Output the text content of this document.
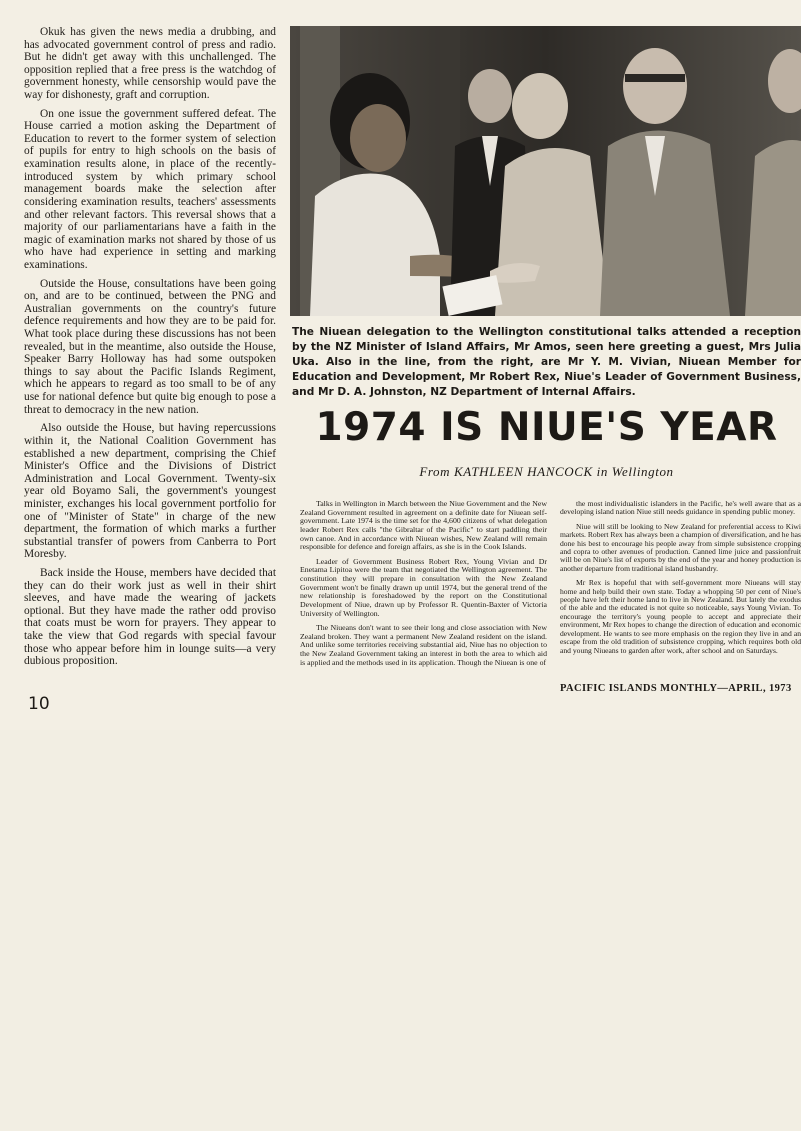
Okuk has given the news media a drubbing, and has advocated government control of press and radio. But he didn't get away with this unchallenged. The opposition replied that a free press is the watchdog of government honesty, while censorship would pave the way for dishonesty, graft and corruption.

On one issue the government suffered defeat. The House carried a motion asking the Department of Education to revert to the former system of selection of pupils for entry to high schools on the basis of examination results alone, in place of the recently-introduced system by which primary school management boards make the selection after considering examination results, teachers' assessments and other relevant factors. This reversal shows that a majority of our parliamentarians have a faith in the magic of examination marks not shared by those of us who have had experience in setting and marking examinations.

Outside the House, consultations have been going on, and are to be continued, between the PNG and Australian governments on the country's future defence requirements and how they are to be paid for. What took place during these discussions has not been revealed, but in the meantime, also outside the House, Speaker Barry Holloway has had some outspoken things to say about the Pacific Islands Regiment, which he appears to regard as too small to be of any use for national defence but quite big enough to pose a threat to democracy in the new nation.

Also outside the House, but having repercussions within it, the National Coalition Government has established a new department, comprising the Chief Minister's Office and the Divisions of District Administration and Local Government. Twenty-six year old Boyamo Sali, the government's youngest minister, exchanges his local government portfolio for one of "Minister of State" in charge of the new department, the formation of which marks a further substantial transfer of powers from Canberra to Port Moresby.

Back inside the House, members have decided that they can do their work just as well in their shirt sleeves, and have made the wearing of jackets optional. But they have made the rather odd proviso that coats must be worn for prayers. They appear to take the view that God regards with special favour those who appear before him in lounge suits—a very dubious proposition.

The Niuean delegation to the Wellington constitutional talks attended a reception by the NZ Minister of Island Affairs, Mr Amos, seen here greeting a guest, Mrs Julia Uka. Also in the line, from the right, are Mr Y. M. Vivian, Niuean Member for Education and Development, Mr Robert Rex, Niue's Leader of Government Business, and Mr D. A. Johnston, NZ Department of Internal Affairs.

1974 IS NIUE'S YEAR
From KATHLEEN HANCOCK in Wellington

Talks in Wellington in March between the Niue Government and the New Zealand Government resulted in agreement on a definite date for Niuean self-government. Late 1974 is the time set for the 4,600 citizens of what delegation leader Robert Rex calls "the Gibraltar of the Pacific" to start paddling their own canoe. And in accordance with Niuean wishes, New Zealand will remain responsible for defence and foreign affairs, as she is in the Cook Islands.

Leader of Government Business Robert Rex, Young Vivian and Dr Enetama Lipitoa were the team that negotiated the Wellington agreement. The constitution they will prepare in consultation with the New Zealand Government won't be finally drawn up until 1974, but the general trend of the new relationship is foreshadowed by the report on the Constitutional Development of Niue, drawn up by Professor R. Quentin-Baxter of Victoria University of Wellington.

The Niueans don't want to see their long and close association with New Zealand broken. They want a permanent New Zealand resident on the island. And unlike some territories receiving substantial aid, Niue has no objection to the New Zealand Government taking an interest in both the area to which aid is applied and the methods used in its application. Though the Niuean is one of

the most individualistic islanders in the Pacific, he's well aware that as a developing island nation Niue still needs guidance in spending public money.

Niue will still be looking to New Zealand for preferential access to Kiwi markets. Robert Rex has always been a champion of diversification, and he has done his best to encourage his people away from simple subsistence cropping and copra to other avenues of production. Canned lime juice and passionfruit will be on Niue's list of exports by the end of the year and honey production is another departure from traditional island husbandry.

Mr Rex is hopeful that with self-government more Niueans will stay home and help build their own state. Today a whopping 50 per cent of Niue's people have left their home land to live in New Zealand. But lately the exodus of the able and the educated is not quite so noticeable, says Young Vivian. To encourage the territory's young people to accept and appreciate their environment, Mr Rex hopes to change the direction of education and economic development. He wants to see more emphasis on the region they live in and an escape from the old tradition of subsistence cropping, which requires both old and young Niueans to garden after work, after school and on Saturdays.

PACIFIC ISLANDS MONTHLY—APRIL, 1973
10
